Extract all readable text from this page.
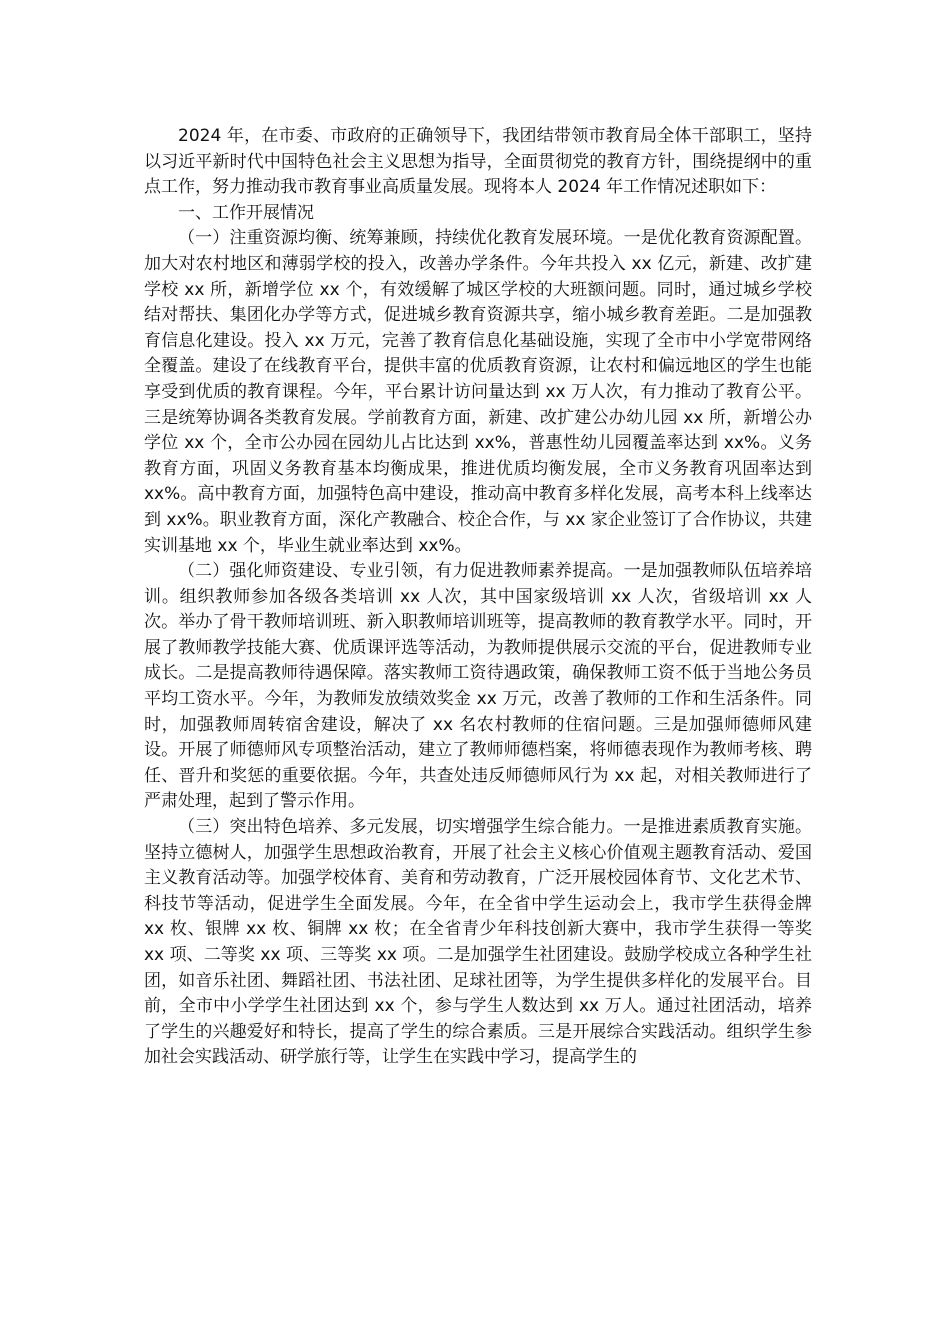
2024 年，在市委、市政府的正确领导下，我团结带领市教育局全体干部职工，坚持以习近平新时代中国特色社会主义思想为指导，全面贯彻党的教育方针，围绕提纲中的重点工作，努力推动我市教育事业高质量发展。现将本人 2024 年工作情况述职如下：

一、工作开展情况

（一）注重资源均衡、统筹兼顾，持续优化教育发展环境。一是优化教育资源配置。加大对农村地区和薄弱学校的投入，改善办学条件。今年共投入 xx 亿元，新建、改扩建学校 xx 所，新增学位 xx 个，有效缓解了城区学校的大班额问题。同时，通过城乡学校结对帮扶、集团化办学等方式，促进城乡教育资源共享，缩小城乡教育差距。二是加强教育信息化建设。投入 xx 万元，完善了教育信息化基础设施，实现了全市中小学宽带网络全覆盖。建设了在线教育平台，提供丰富的优质教育资源，让农村和偏远地区的学生也能享受到优质的教育课程。今年，平台累计访问量达到 xx 万人次，有力推动了教育公平。三是统筹协调各类教育发展。学前教育方面，新建、改扩建公办幼儿园 xx 所，新增公办学位 xx 个，全市公办园在园幼儿占比达到 xx%，普惠性幼儿园覆盖率达到 xx%。义务教育方面，巩固义务教育基本均衡成果，推进优质均衡发展，全市义务教育巩固率达到 xx%。高中教育方面，加强特色高中建设，推动高中教育多样化发展，高考本科上线率达到 xx%。职业教育方面，深化产教融合、校企合作，与 xx 家企业签订了合作协议，共建实训基地 xx 个，毕业生就业率达到 xx%。

（二）强化师资建设、专业引领，有力促进教师素养提高。一是加强教师队伍培养培训。组织教师参加各级各类培训 xx 人次，其中国家级培训 xx 人次，省级培训 xx 人次。举办了骨干教师培训班、新入职教师培训班等，提高教师的教育教学水平。同时，开展了教师教学技能大赛、优质课评选等活动，为教师提供展示交流的平台，促进教师专业成长。二是提高教师待遇保障。落实教师工资待遇政策，确保教师工资不低于当地公务员平均工资水平。今年，为教师发放绩效奖金 xx 万元，改善了教师的工作和生活条件。同时，加强教师周转宿舍建设，解决了 xx 名农村教师的住宿问题。三是加强师德师风建设。开展了师德师风专项整治活动，建立了教师师德档案，将师德表现作为教师考核、聘任、晋升和奖惩的重要依据。今年，共查处违反师德师风行为 xx 起，对相关教师进行了严肃处理，起到了警示作用。

（三）突出特色培养、多元发展，切实增强学生综合能力。一是推进素质教育实施。坚持立德树人，加强学生思想政治教育，开展了社会主义核心价值观主题教育活动、爱国主义教育活动等。加强学校体育、美育和劳动教育，广泛开展校园体育节、文化艺术节、科技节等活动，促进学生全面发展。今年，在全省中学生运动会上，我市学生获得金牌 xx 枚、银牌 xx 枚、铜牌 xx 枚；在全省青少年科技创新大赛中，我市学生获得一等奖 xx 项、二等奖 xx 项、三等奖 xx 项。二是加强学生社团建设。鼓励学校成立各种学生社团，如音乐社团、舞蹈社团、书法社团、足球社团等，为学生提供多样化的发展平台。目前，全市中小学学生社团达到 xx 个，参与学生人数达到 xx 万人。通过社团活动，培养了学生的兴趣爱好和特长，提高了学生的综合素质。三是开展综合实践活动。组织学生参加社会实践活动、研学旅行等，让学生在实践中学习，提高学生的
